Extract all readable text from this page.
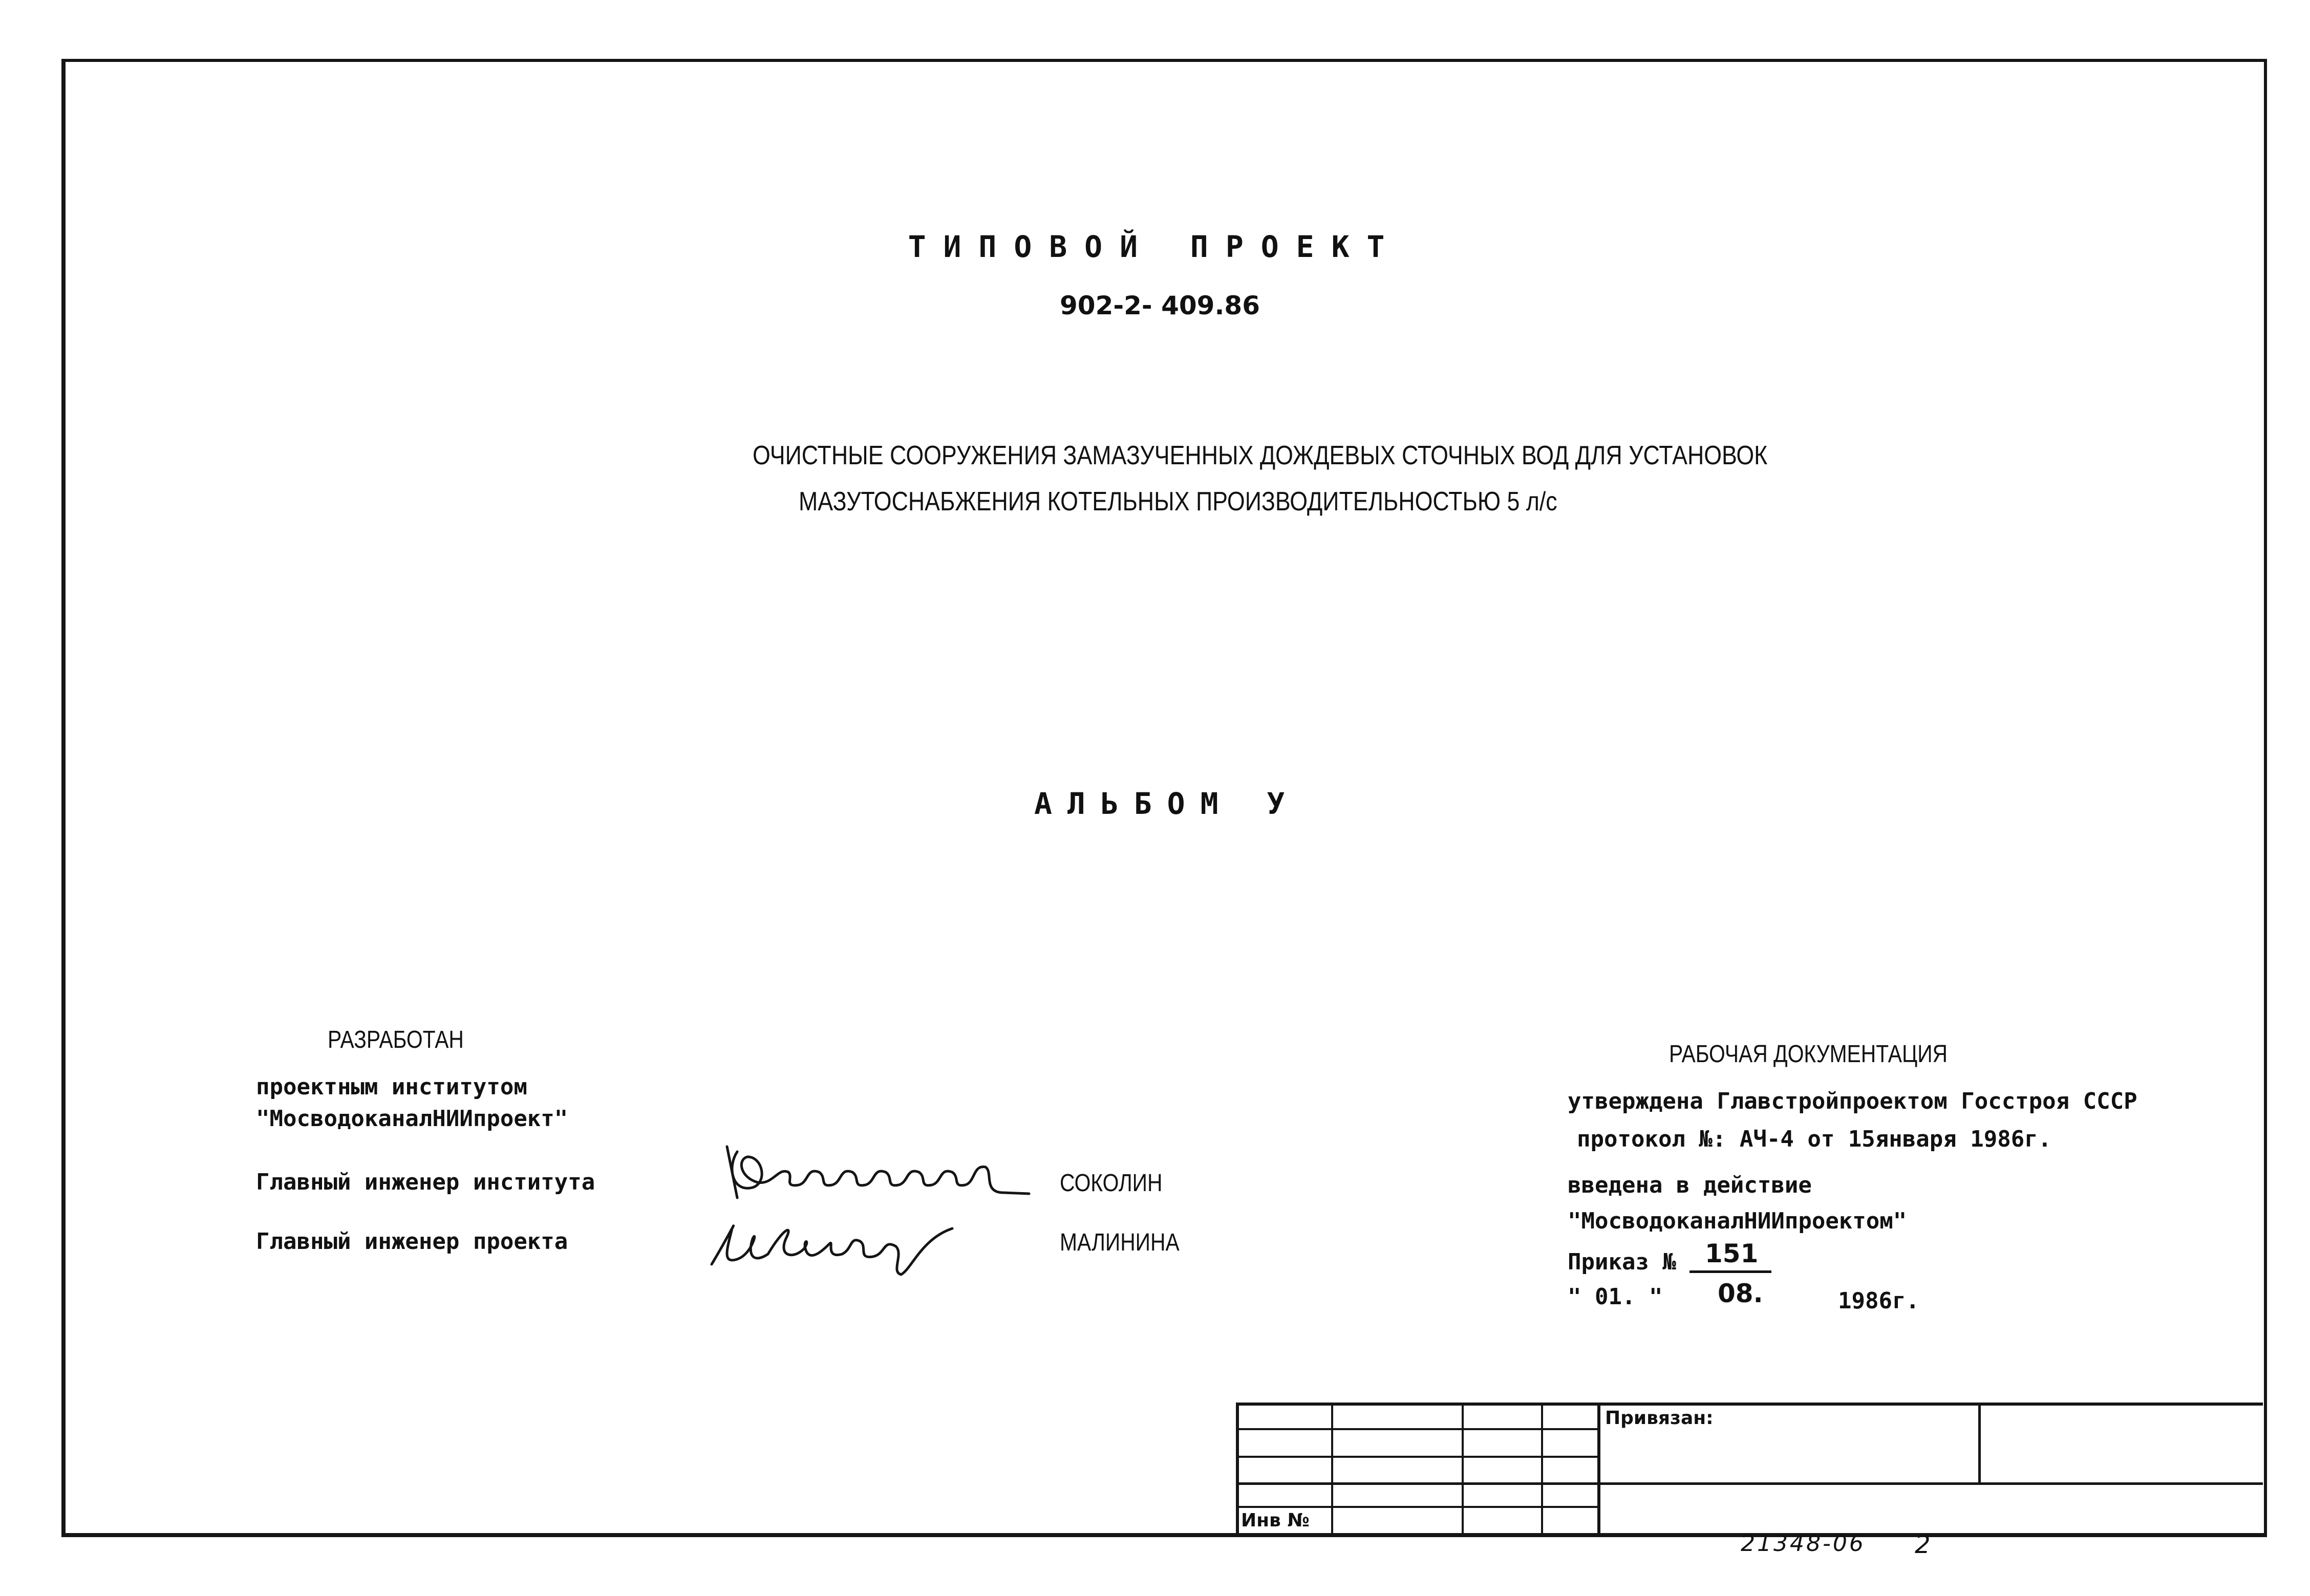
ТИПОВОЙ ПРОЕКТ
902-2- 409.86
ОЧИСТНЫЕ СООРУЖЕНИЯ ЗАМАЗУЧЕННЫХ ДОЖДЕВЫХ СТОЧНЫХ ВОД ДЛЯ УСТАНОВОК
МАЗУТОСНАБЖЕНИЯ КОТЕЛЬНЫХ ПРОИЗВОДИТЕЛЬНОСТЬЮ 5 л/с
АЛЬБОМ У
РАЗРАБОТАН
проектным институтом
"МосводоканалНИИпроект"
Главный инженер института
Главный инженер проекта
СОКОЛИН
МАЛИНИНА
РАБОЧАЯ ДОКУМЕНТАЦИЯ
утверждена Главстройпроектом Госстроя СССР
протокол №: АЧ-4 от 15января 1986г.
введена в действие
"МосводоканалНИИпроектом"
Приказ № 151
" 01. " 08.	1986г.
Привязан:
Инв №
21348-06 2
